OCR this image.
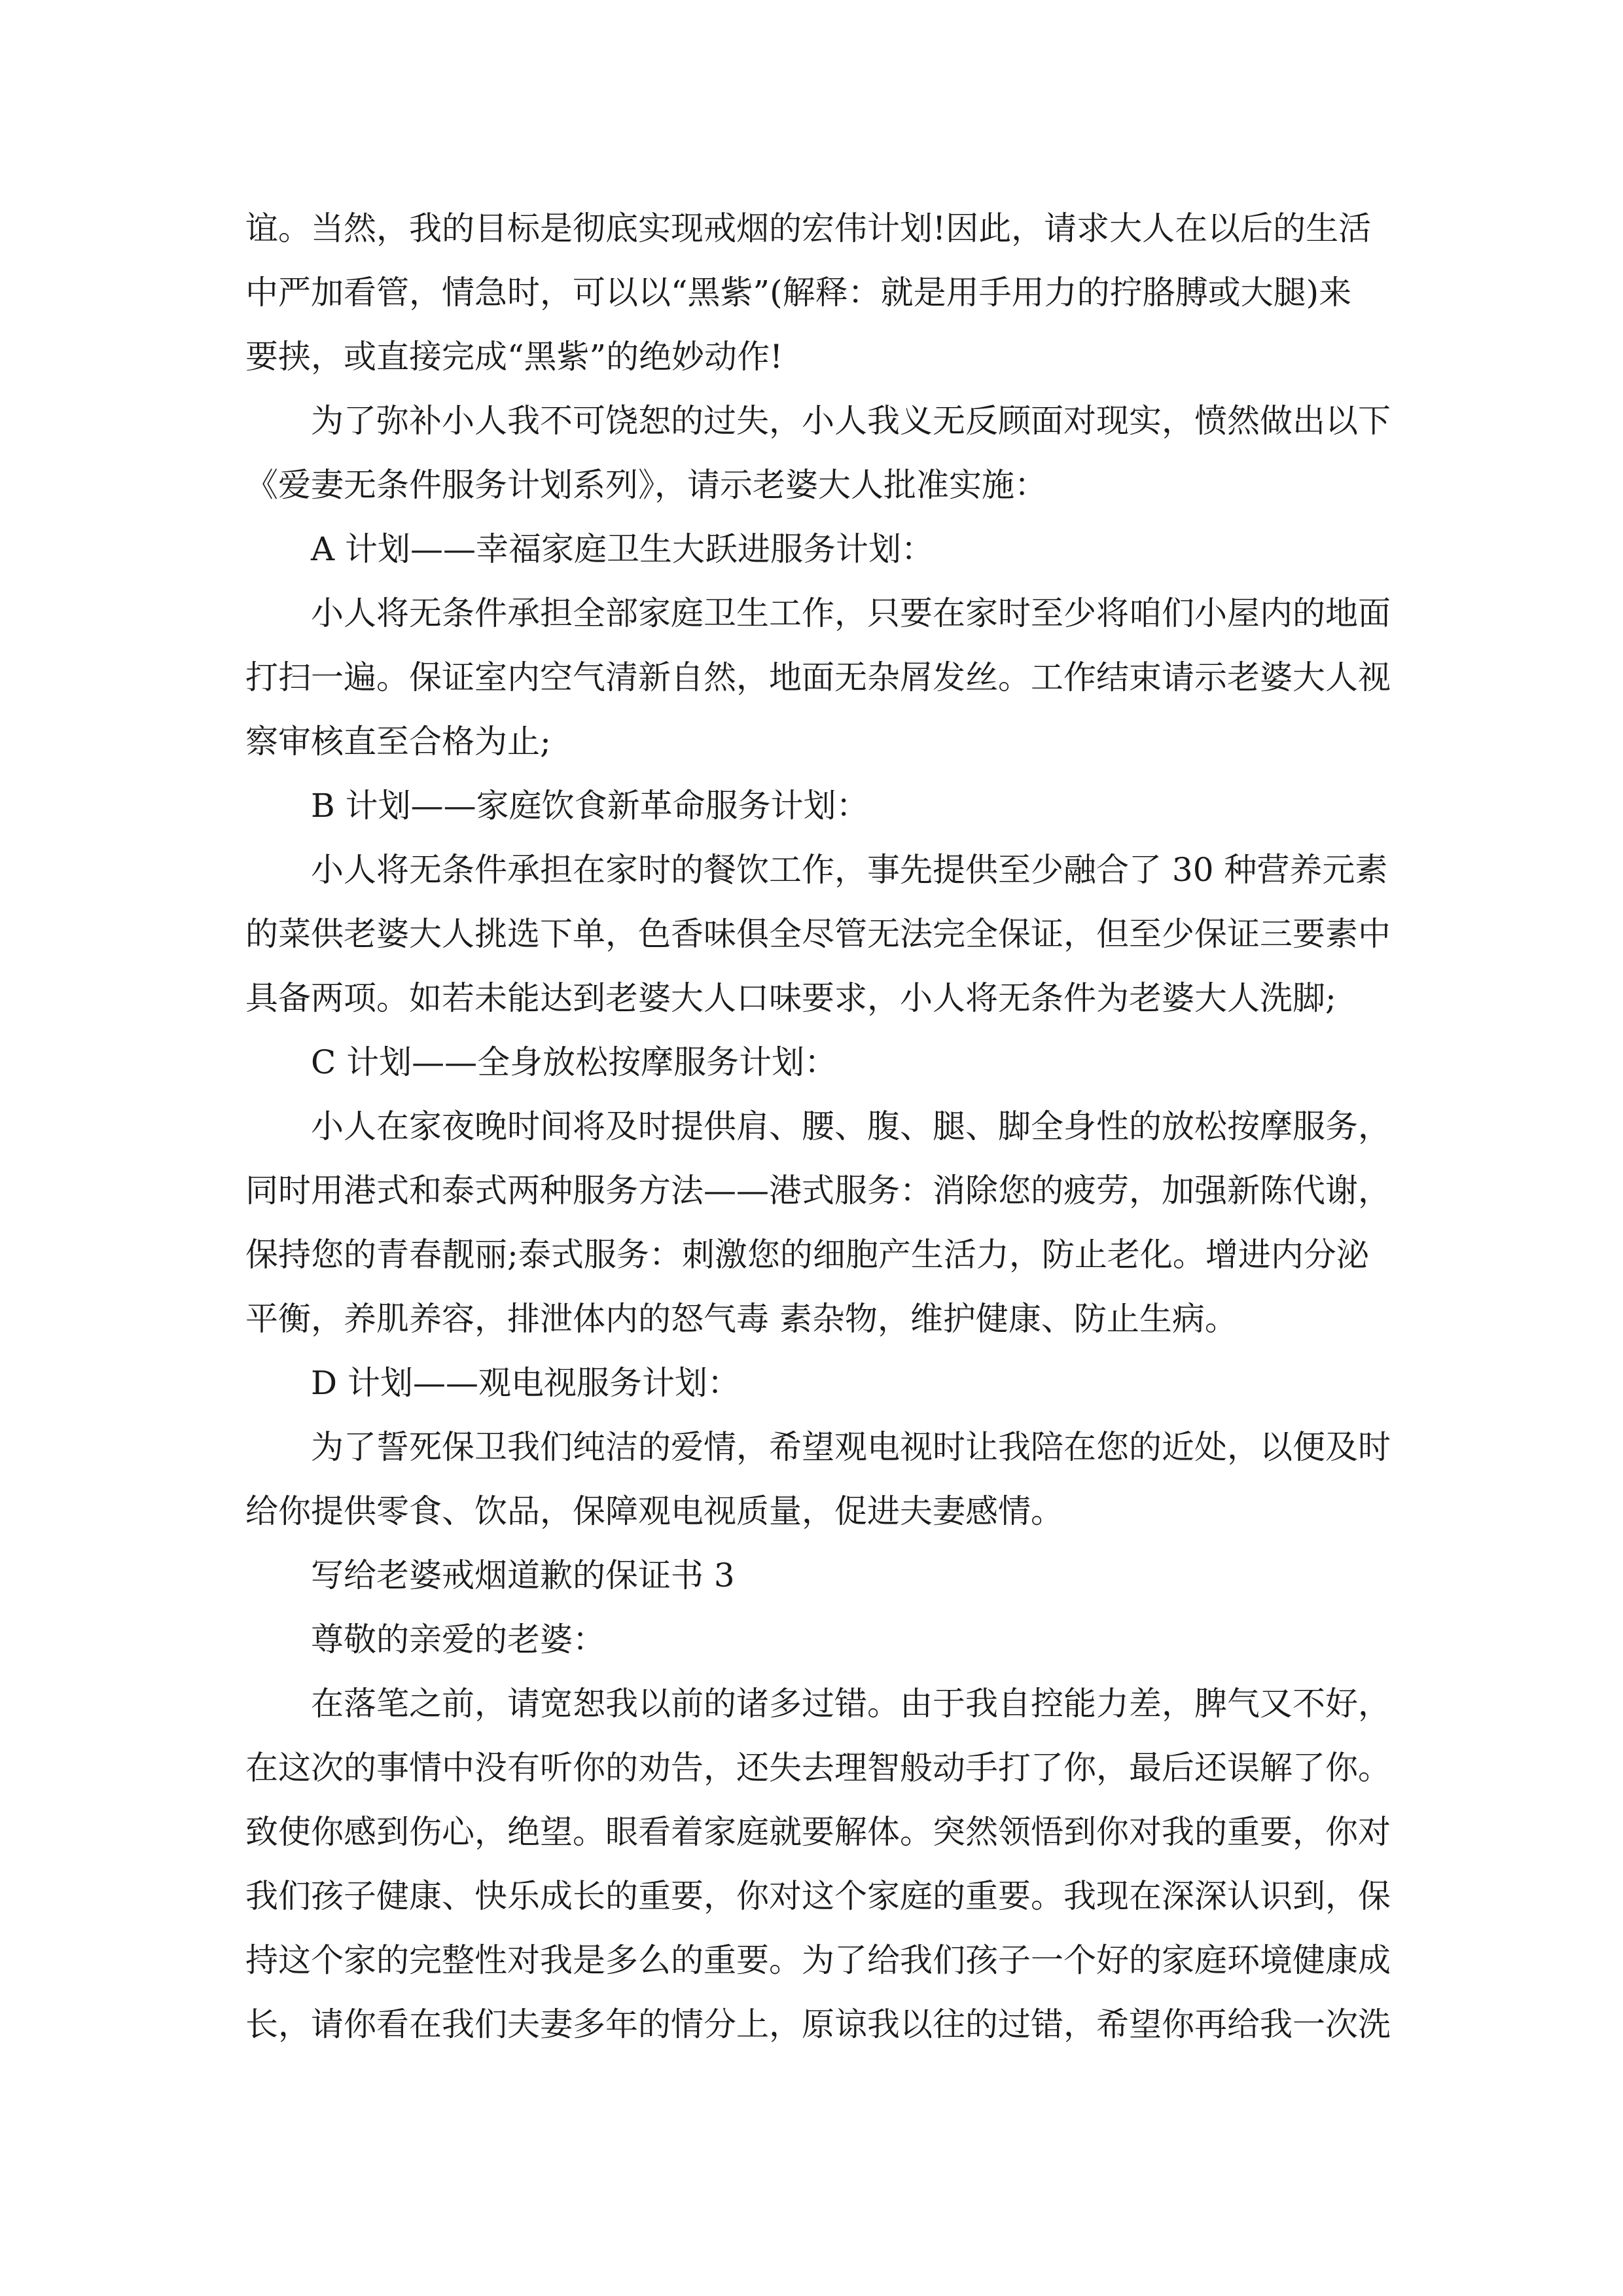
谊。当然，我的目标是彻底实现戒烟的宏伟计划!因此，请求大人在以后的生活
中严加看管，情急时，可以以“黑紫”(解释：就是用手用力的拧胳膊或大腿)来
要挟，或直接完成“黑紫”的绝妙动作!
为了弥补小人我不可饶恕的过失，小人我义无反顾面对现实，愤然做出以下
《爱妻无条件服务计划系列》，请示老婆大人批准实施：
A 计划——幸福家庭卫生大跃进服务计划：
小人将无条件承担全部家庭卫生工作，只要在家时至少将咱们小屋内的地面
打扫一遍。保证室内空气清新自然，地面无杂屑发丝。工作结束请示老婆大人视
察审核直至合格为止;
B 计划——家庭饮食新革命服务计划：
小人将无条件承担在家时的餐饮工作，事先提供至少融合了 30 种营养元素
的菜供老婆大人挑选下单，色香味俱全尽管无法完全保证，但至少保证三要素中
具备两项。如若未能达到老婆大人口味要求，小人将无条件为老婆大人洗脚;
C 计划——全身放松按摩服务计划：
小人在家夜晚时间将及时提供肩、腰、腹、腿、脚全身性的放松按摩服务，
同时用港式和泰式两种服务方法——港式服务：消除您的疲劳，加强新陈代谢，
保持您的青春靓丽;泰式服务：刺激您的细胞产生活力，防止老化。增进内分泌
平衡，养肌养容，排泄体内的怒气毒 素杂物，维护健康、防止生病。
D 计划——观电视服务计划：
为了誓死保卫我们纯洁的爱情，希望观电视时让我陪在您的近处，以便及时
给你提供零食、饮品，保障观电视质量，促进夫妻感情。
写给老婆戒烟道歉的保证书 3
尊敬的亲爱的老婆：
在落笔之前，请宽恕我以前的诸多过错。由于我自控能力差，脾气又不好，
在这次的事情中没有听你的劝告，还失去理智般动手打了你，最后还误解了你。
致使你感到伤心，绝望。眼看着家庭就要解体。突然领悟到你对我的重要，你对
我们孩子健康、快乐成长的重要，你对这个家庭的重要。我现在深深认识到，保
持这个家的完整性对我是多么的重要。为了给我们孩子一个好的家庭环境健康成
长，请你看在我们夫妻多年的情分上，原谅我以往的过错，希望你再给我一次洗
